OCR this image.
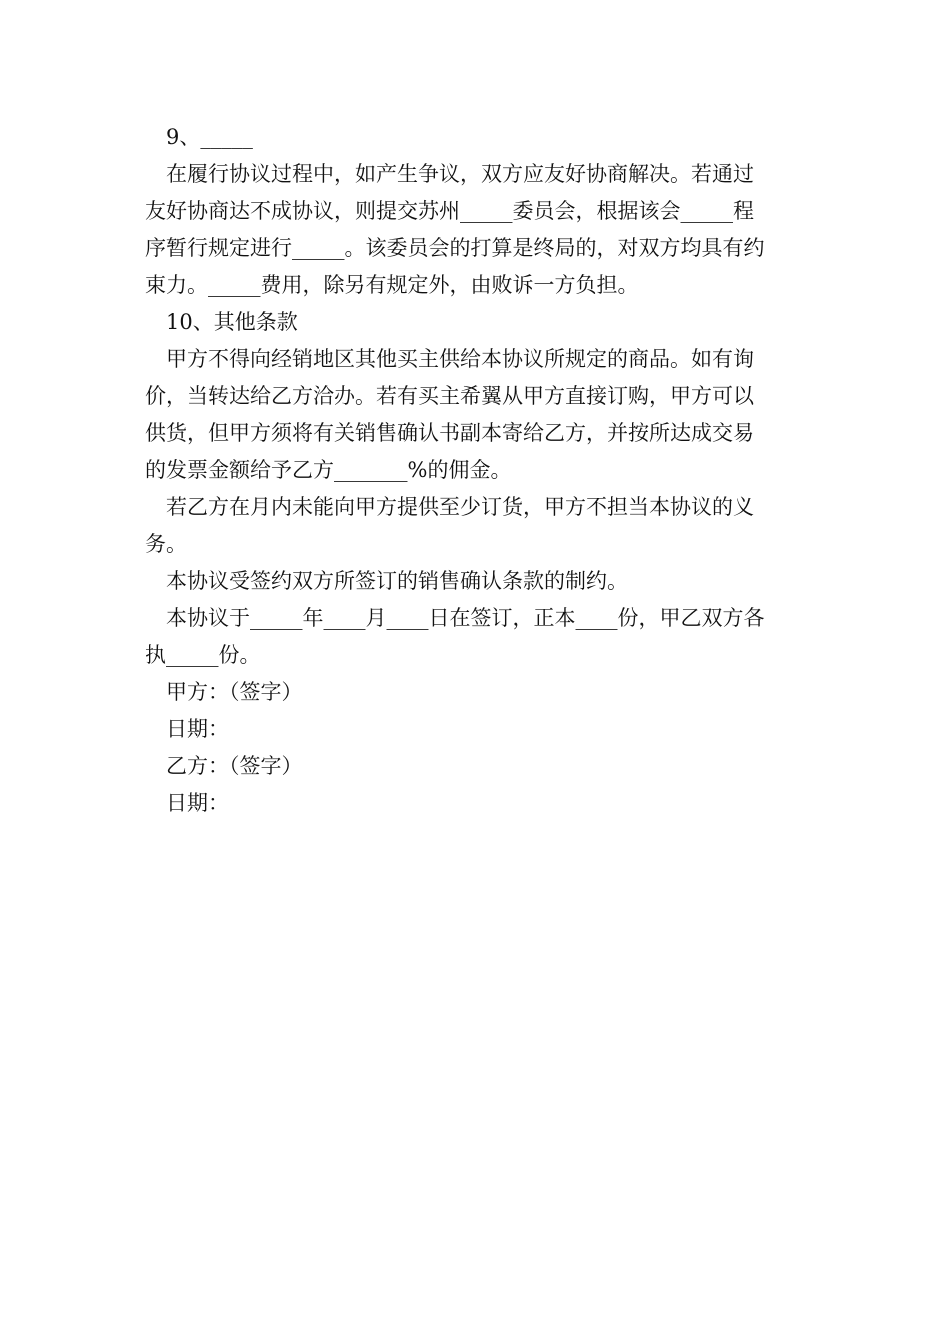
9、_____
在履行协议过程中，如产生争议，双方应友好协商解决。若通过
友好协商达不成协议，则提交苏州_____委员会，根据该会_____程
序暂行规定进行_____。该委员会的打算是终局的，对双方均具有约
束力。_____费用，除另有规定外，由败诉一方负担。
10、其他条款
甲方不得向经销地区其他买主供给本协议所规定的商品。如有询
价，当转达给乙方洽办。若有买主希翼从甲方直接订购，甲方可以
供货，但甲方须将有关销售确认书副本寄给乙方，并按所达成交易
的发票金额给予乙方_______%的佣金。
若乙方在月内未能向甲方提供至少订货，甲方不担当本协议的义
务。
本协议受签约双方所签订的销售确认条款的制约。
本协议于_____年____月____日在签订，正本____份，甲乙双方各
执_____份。
甲方：（签字）
日期：
乙方：（签字）
日期：
